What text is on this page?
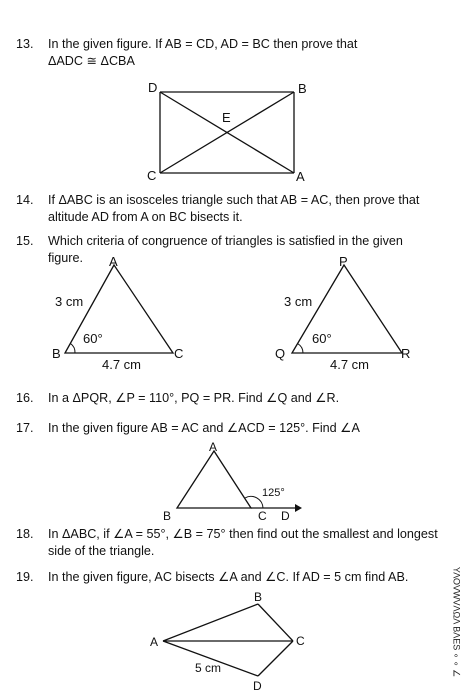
13.	In the given figure. If AB = CD, AD = BC then prove that

ΔADC ≅ ΔCBA

D	B
E
C	A
14.	If ΔABC is an isosceles triangle such that AB = AC, then prove that

altitude AD from A on BC bisects it.

15.	Which criteria of congruence of triangles is satisfied in the given figure.	A
B	C
3 cm
60°
4.7 cm
P
Q	R
3 cm
60°
4.7 cm
16.	In a ΔPQR, ∠P = 110°, PQ = PR. Find ∠Q and ∠R.

17.	In the given figure AB = AC and ∠ACD = 125°. Find ∠A

A
B	C D
125°
18.	In ΔABC, if ∠A = 55°, ∠B = 75° then find out the smallest and longest

side of the triangle.

19.	In the given figure, AC bisects ∠A and ∠C. If AD = 5 cm find AB.

A
B
C
D
5 cm	ΥΛΟVWVΛΩΛ ΒΛΕS ∘ ∘ ∠
